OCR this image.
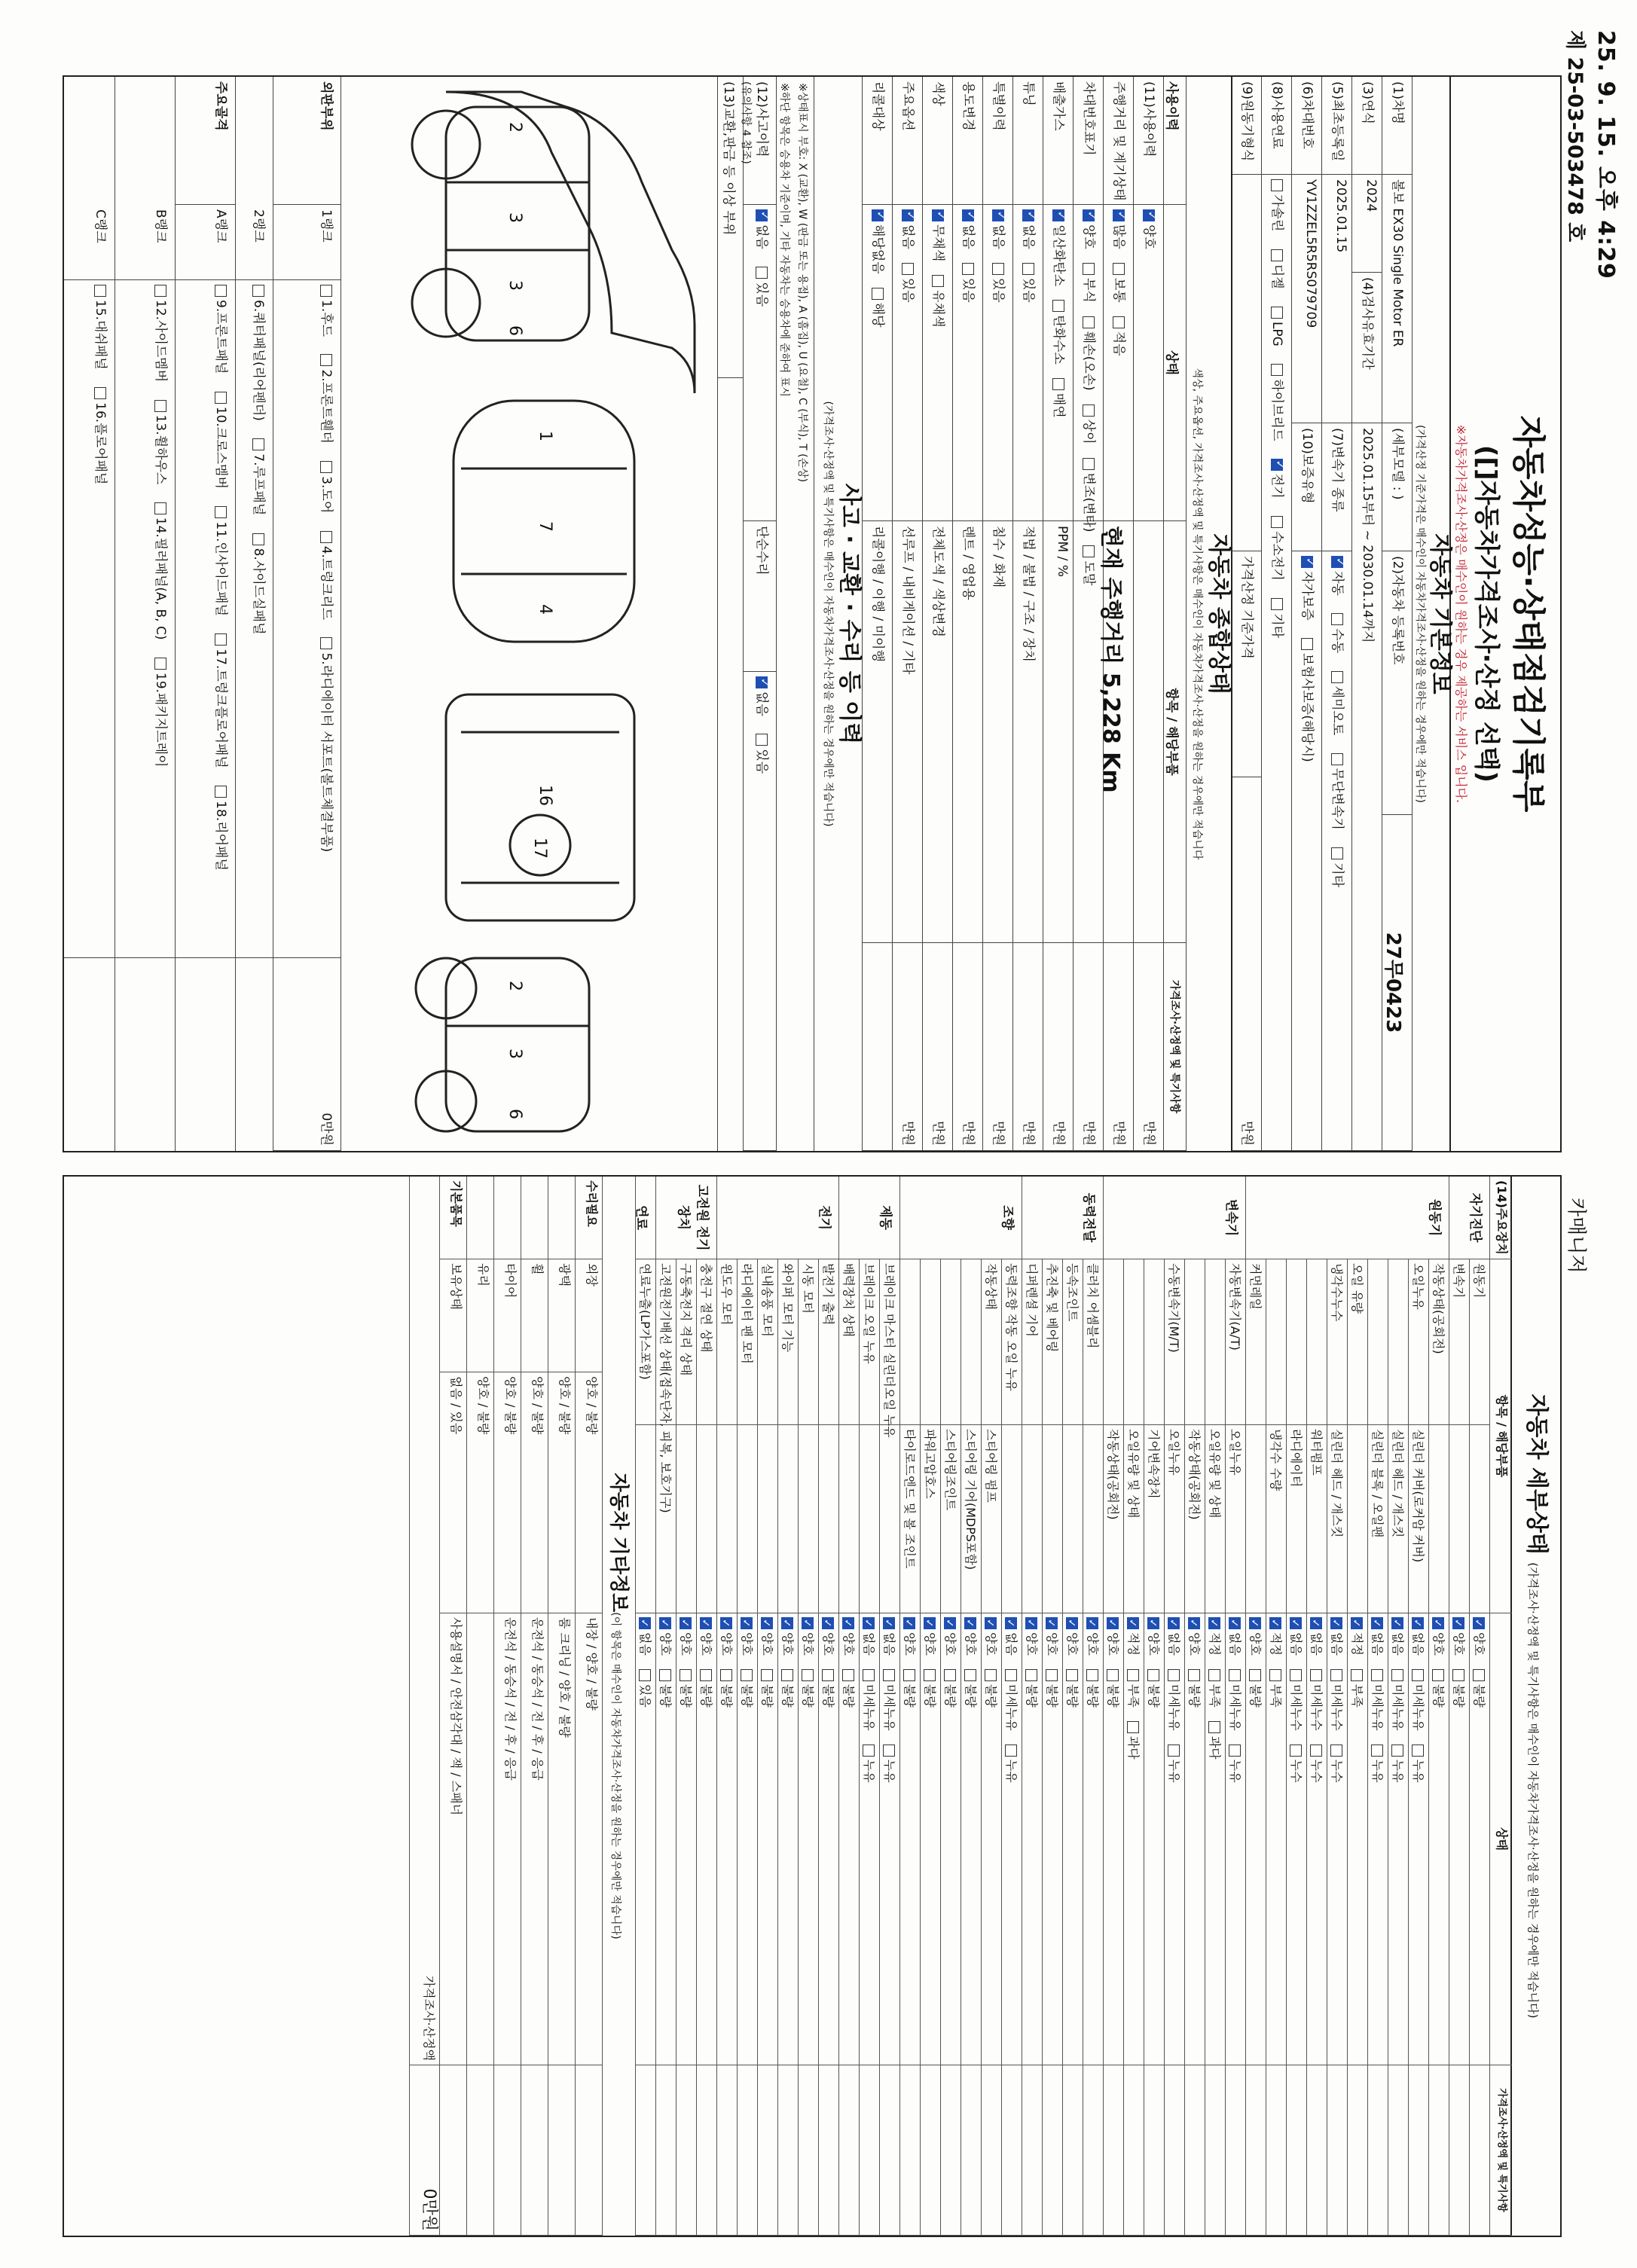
25. 9. 15. 오후 4:29
제 25-03-503478 호
카매니저
자동차성능·상태점검기록부
([]자동차가격조사·산정 선택)
※자동차가격조사·산정은 매수인이 원하는 경우 제공하는 서비스 입니다.
자동차 기본정보
(가격산정 기준가격은 매수인이 자동차가격조사·산정을 원하는 경우에만 적습니다)
(1)차명
볼보 EX30 Single Motor ER
(세부모델 : )
(2)자동차 등록번호
27무0423
(3)연식
2024
(4)검사유효기간
2025.01.15부터 ~ 2030.01.14까지
(5)최초등록일
2025.01.15
(7)변속기 종류
✓자동 수동 세미오토 무단변속기 기타
(6)차대번호
YV1ZZEL5R5RS079709
(10)보증유형
✓자가보증 보험사보증(해당시)
(8)사용연료
가솔린 디젤 LPG 하이브리드 ✓전기 수소전기 기타
(9)원동기형식
가격산정 기준가격
만원
자동차 종합상태
색상, 주요옵션, 가격조사·산정액 및 특기사항은 매수인이 자동차가격조사·산정을 원하는 경우에만 적습니다
사용이력
상태
항목 / 해당부품
가격조사·산정액 및 특기사항
(11)사용이력
✓양호
만원
주행거리 및 계기상태
✓많음보통적음
현재 주행거리 5,228 Km
만원
차대번호표기
✓양호부식훼손(오손)상이변조(변타)도말
만원
배출가스
✓일산화탄소탄화수소매연
PPM / %
만원
튜닝
✓없음있음
적법 / 불법 / 구조 / 장치
만원
특별이력
✓없음있음
침수 / 화재
만원
용도변경
✓없음있음
렌트 / 영업용
만원
색상
✓무채색유채색
전체도색 / 색상변경
만원
주요옵션
✓없음있음
선루프 / 내비게이션 / 기타
만원
리콜대상
✓해당없음해당
리콜이행 / 이행 / 미이행
사고 · 교환 · 수리 등 이력
(가격조사·산정액 및 특기사항은 매수인이 자동차가격조사·산정을 원하는 경우에만 적습니다)
※상태표시 부호: X (교환), W (판금 또는 용접), A (흠집), U (요철), C (부식), T (손상)
※하단 항목은 승용차 기준이며, 기타 자동차는 승용차에 준하여 표시
(12)사고이력
(유의사항 4 참조)
✓없음 있음
단순수리
✓없음 있음
(13)교환,판금 등 이상 부위
2
3
3
6
1
7
4
16
17
2
3
6
외판부위
1랭크
1.후드 2.프론트휀더 3.도어 4.트렁크리드 5.라디에이터 서포트(볼트체결부품)
0만원
2랭크
6.쿼터패널(리어펜더) 7.루프패널 8.사이드실패널
주요골격
A랭크
9.프론트패널 10.크로스멤버 11.인사이드패널 17.트렁크플로어패널 18.리어패널
B랭크
12.사이드멤버 13.휠하우스 14.필러패널(A, B, C) 19.패키지트레이
C랭크
15.대쉬패널 16.플로어패널
자동차 세부상태 (가격조사·산정액 및 특기사항은 매수인이 자동차가격조사·산정을 원하는 경우에만 적습니다)
(14)주요장치
항목 / 해당부품
상태
가격조사·산정액 및 특기사항
자기진단
원동기
✓양호불량
변속기
✓양호불량
원동기
작동상태(공회전)
✓양호불량
오일누유
실린더 커버(로커암 커버)
✓없음미세누유누유
실린더 헤드 / 개스킷
✓없음미세누유누유
실린더 블록 / 오일팬
✓없음미세누유누유
오일 유량
✓적정부족
냉각수누수
실린더 헤드 / 개스킷
✓없음미세누수누수
워터펌프
✓없음미세누수누수
라디에이터
✓없음미세누수누수
냉각수 수량
✓적정부족
커먼레일
✓양호불량
변속기
자동변속기(A/T)
오일누유
✓없음미세누유누유
오일유량 및 상태
✓적정부족과다
작동상태(공회전)
✓양호불량
수동변속기(M/T)
오일누유
✓없음미세누유누유
기어변속장치
✓양호불량
오일유량 및 상태
✓적정부족과다
작동상태(공회전)
✓양호불량
동력전달
클러치 어셈블리
✓양호불량
등속조인트
✓양호불량
추진축 및 베어링
✓양호불량
디퍼렌셜 기어
✓양호불량
조향
동력조향 작동 오일 누유
✓없음미세누유누유
작동상태
스티어링 펌프
✓양호불량
스티어링 기어(MDPS포함)
✓양호불량
스티어링조인트
✓양호불량
파워고압호스
✓양호불량
타이로드엔드 및 볼 조인트
✓양호불량
제동
브레이크 마스터 실린더오일 누유
✓없음미세누유누유
브레이크 오일 누유
✓없음미세누유누유
배력장치 상태
✓양호불량
전기
발전기 출력
✓양호불량
시동 모터
✓양호불량
와이퍼 모터 기능
✓양호불량
실내송풍 모터
✓양호불량
라디에이터 팬 모터
✓양호불량
윈도우 모터
✓양호불량
고전원 전기장치
충전구 절연 상태
✓양호불량
구동축전지 격리 상태
✓양호불량
고전원전기배선 상태(접속단자, 피복, 보호기구)
✓양호불량
연료
연료누출(LP가스포함)
✓없음있음
자동차 기타정보(이 항목은 매수인이 자동차가격조사·산정을 원하는 경우에만 적습니다)
수리필요
외장
양호 / 불량
내장 / 양호 / 불량
광택
양호 / 불량
룸 크리닝 / 양호 / 불량
휠
양호 / 불량
운전석 / 동승석 / 전 / 후 / 응급
타이어
양호 / 불량
운전석 / 동승석 / 전 / 후 / 응급
유리
양호 / 불량
기본품목
보유상태
없음 / 있음
사용설명서 / 안전삼각대 / 잭 / 스패너
가격조사·산정액
0만원
